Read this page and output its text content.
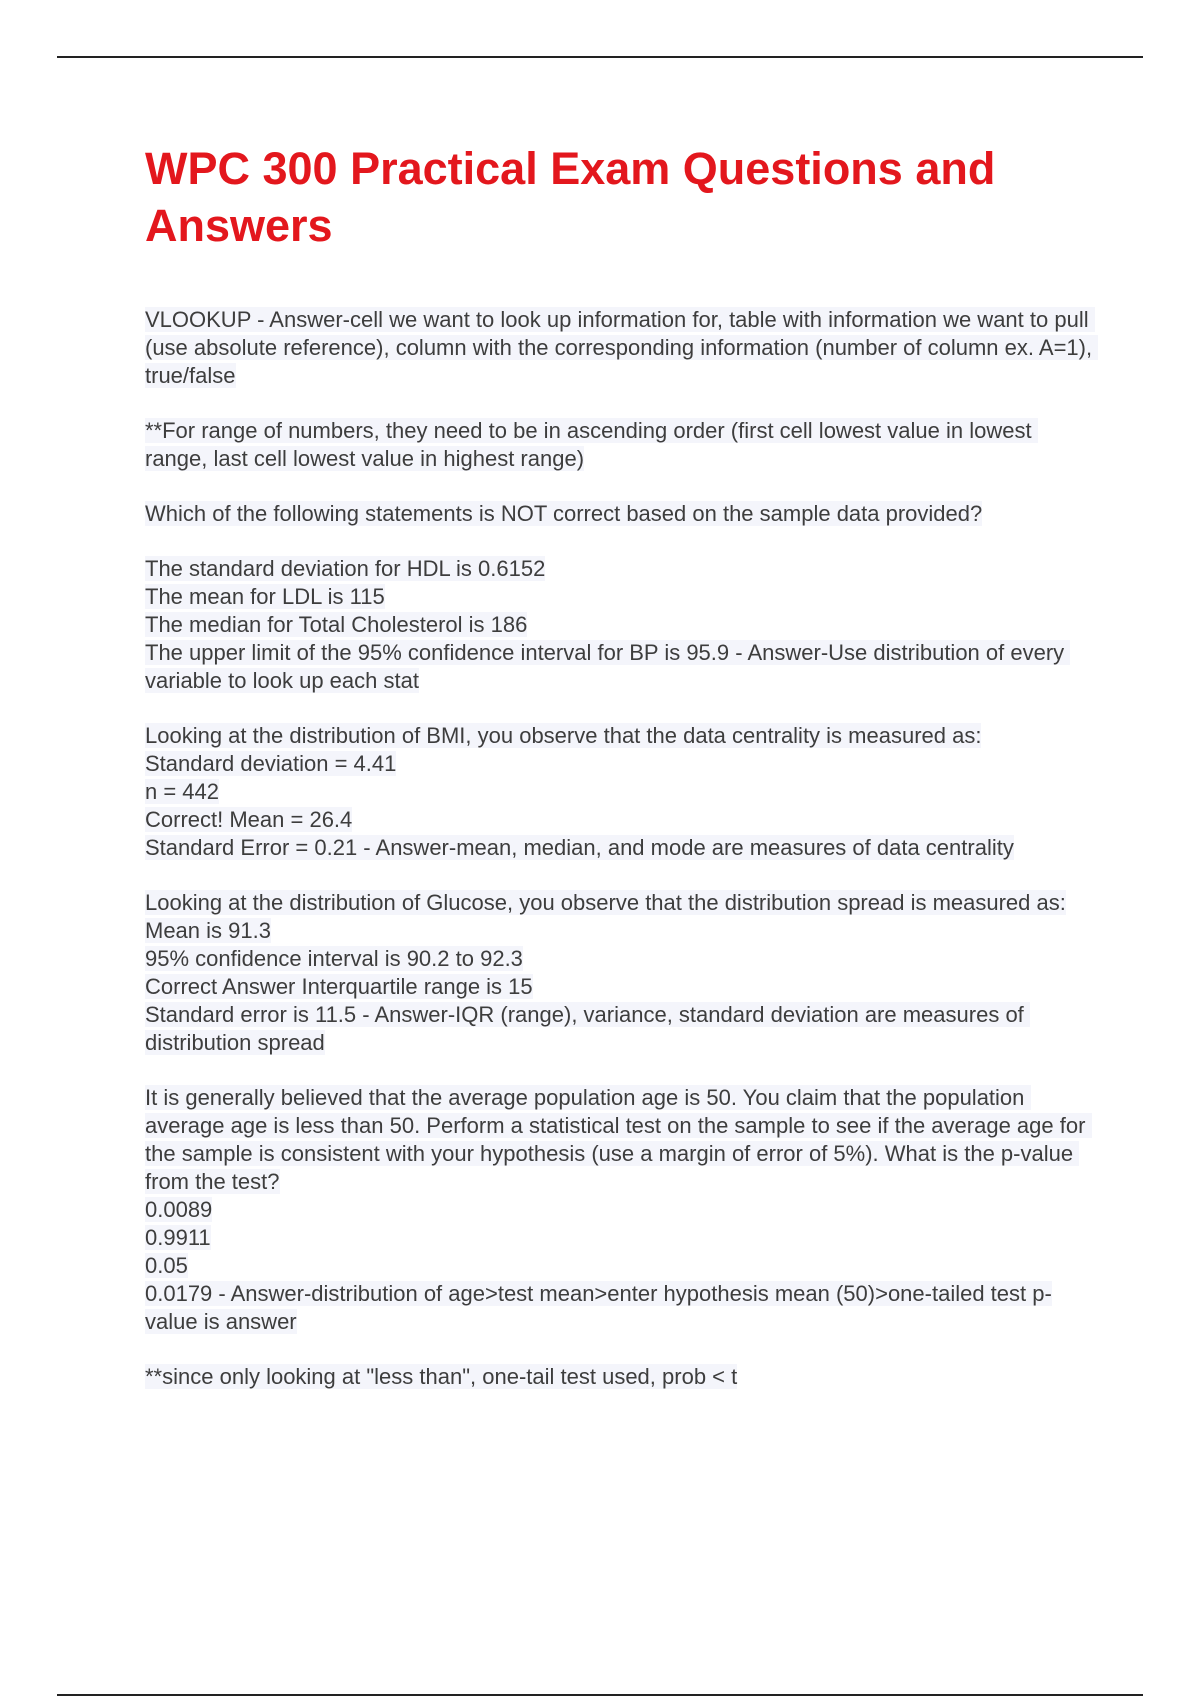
WPC 300 Practical Exam Questions and Answers

VLOOKUP - Answer-cell we want to look up information for, table with information we want to pull (use absolute reference), column with the corresponding information (number of column ex. A=1), true/false

**For range of numbers, they need to be in ascending order (first cell lowest value in lowest range, last cell lowest value in highest range)

Which of the following statements is NOT correct based on the sample data provided?

The standard deviation for HDL is 0.6152
The mean for LDL is 115
The median for Total Cholesterol is 186
The upper limit of the 95% confidence interval for BP is 95.9 - Answer-Use distribution of every variable to look up each stat

Looking at the distribution of BMI, you observe that the data centrality is measured as:
Standard deviation = 4.41
n = 442
Correct! Mean = 26.4
Standard Error = 0.21 - Answer-mean, median, and mode are measures of data centrality

Looking at the distribution of Glucose, you observe that the distribution spread is measured as:
Mean is 91.3
95% confidence interval is 90.2 to 92.3
Correct Answer Interquartile range is 15
Standard error is 11.5 - Answer-IQR (range), variance, standard deviation are measures of distribution spread

It is generally believed that the average population age is 50. You claim that the population average age is less than 50. Perform a statistical test on the sample to see if the average age for the sample is consistent with your hypothesis (use a margin of error of 5%). What is the p-value from the test?
0.0089
0.9911
0.05
0.0179 - Answer-distribution of age>test mean>enter hypothesis mean (50)>one-tailed test p-value is answer

**since only looking at "less than", one-tail test used, prob < t
